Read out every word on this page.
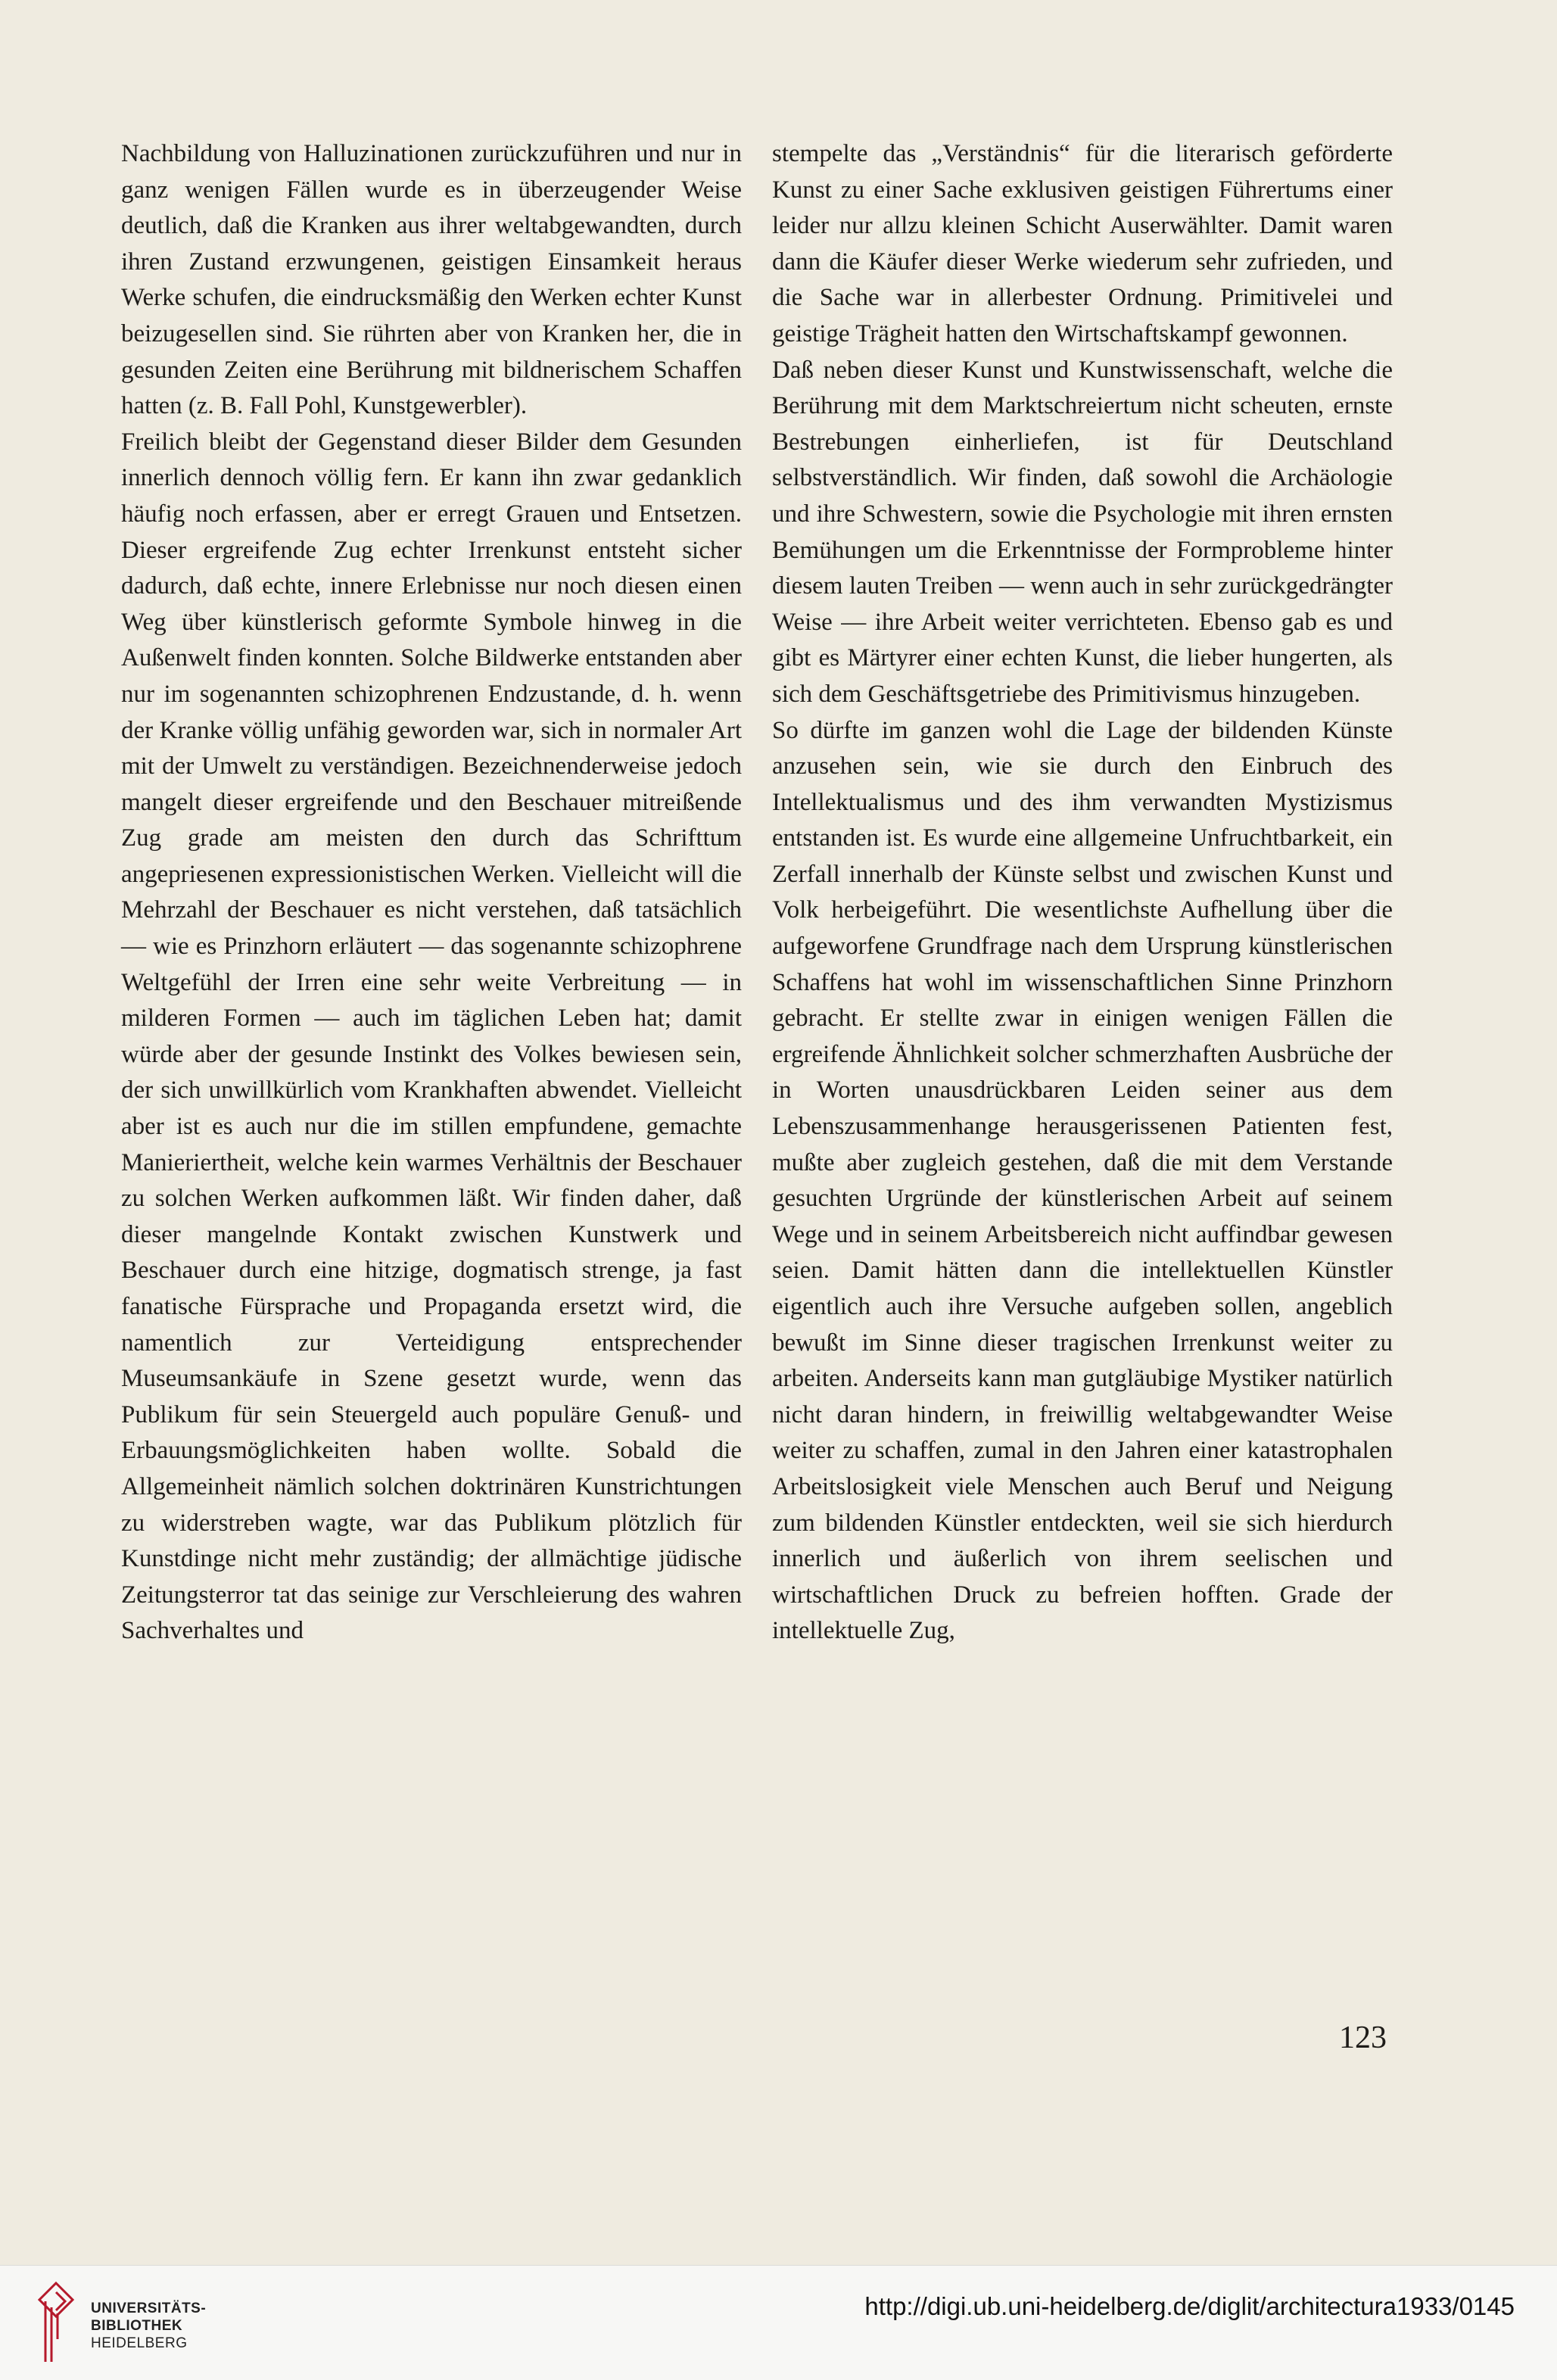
Nachbildung von Halluzinationen zurückzuführen und nur in ganz wenigen Fällen wurde es in überzeugender Weise deutlich, daß die Kranken aus ihrer weltabgewandten, durch ihren Zustand erzwungenen, geistigen Einsamkeit heraus Werke schufen, die eindrucksmäßig den Werken echter Kunst beizugesellen sind. Sie rührten aber von Kranken her, die in gesunden Zeiten eine Berührung mit bildnerischem Schaffen hatten (z. B. Fall Pohl, Kunstgewerbler).

Freilich bleibt der Gegenstand dieser Bilder dem Gesunden innerlich dennoch völlig fern. Er kann ihn zwar gedanklich häufig noch erfassen, aber er erregt Grauen und Entsetzen. Dieser ergreifende Zug echter Irrenkunst entsteht sicher dadurch, daß echte, innere Erlebnisse nur noch diesen einen Weg über künstlerisch geformte Symbole hinweg in die Außenwelt finden konnten. Solche Bildwerke entstanden aber nur im sogenannten schizophrenen Endzustande, d. h. wenn der Kranke völlig unfähig geworden war, sich in normaler Art mit der Umwelt zu verständigen. Bezeichnenderweise jedoch mangelt dieser ergreifende und den Beschauer mitreißende Zug grade am meisten den durch das Schrifttum angepriesenen expressionistischen Werken. Vielleicht will die Mehrzahl der Beschauer es nicht verstehen, daß tatsächlich — wie es Prinzhorn erläutert — das sogenannte schizophrene Weltgefühl der Irren eine sehr weite Verbreitung — in milderen Formen — auch im täglichen Leben hat; damit würde aber der gesunde Instinkt des Volkes bewiesen sein, der sich unwillkürlich vom Krankhaften abwendet. Vielleicht aber ist es auch nur die im stillen empfundene, gemachte Manieriertheit, welche kein warmes Verhältnis der Beschauer zu solchen Werken aufkommen läßt. Wir finden daher, daß dieser mangelnde Kontakt zwischen Kunstwerk und Beschauer durch eine hitzige, dogmatisch strenge, ja fast fanatische Fürsprache und Propaganda ersetzt wird, die namentlich zur Verteidigung entsprechender Museumsankäufe in Szene gesetzt wurde, wenn das Publikum für sein Steuergeld auch populäre Genuß- und Erbauungsmöglichkeiten haben wollte. Sobald die Allgemeinheit nämlich solchen doktrinären Kunstrichtungen zu widerstreben wagte, war das Publikum plötzlich für Kunstdinge nicht mehr zuständig; der allmächtige jüdische Zeitungsterror tat das seinige zur Verschleierung des wahren Sachverhaltes und

stempelte das „Verständnis“ für die literarisch geförderte Kunst zu einer Sache exklusiven geistigen Führertums einer leider nur allzu kleinen Schicht Auserwählter. Damit waren dann die Käufer dieser Werke wiederum sehr zufrieden, und die Sache war in allerbester Ordnung. Primitivelei und geistige Trägheit hatten den Wirtschaftskampf gewonnen.

Daß neben dieser Kunst und Kunstwissenschaft, welche die Berührung mit dem Marktschreiertum nicht scheuten, ernste Bestrebungen einherliefen, ist für Deutschland selbstverständlich. Wir finden, daß sowohl die Archäologie und ihre Schwestern, sowie die Psychologie mit ihren ernsten Bemühungen um die Erkenntnisse der Formprobleme hinter diesem lauten Treiben — wenn auch in sehr zurückgedrängter Weise — ihre Arbeit weiter verrichteten. Ebenso gab es und gibt es Märtyrer einer echten Kunst, die lieber hungerten, als sich dem Geschäftsgetriebe des Primitivismus hinzugeben.

So dürfte im ganzen wohl die Lage der bildenden Künste anzusehen sein, wie sie durch den Einbruch des Intellektualismus und des ihm verwandten Mystizismus entstanden ist. Es wurde eine allgemeine Unfruchtbarkeit, ein Zerfall innerhalb der Künste selbst und zwischen Kunst und Volk herbeigeführt. Die wesentlichste Aufhellung über die aufgeworfene Grundfrage nach dem Ursprung künstlerischen Schaffens hat wohl im wissenschaftlichen Sinne Prinzhorn gebracht. Er stellte zwar in einigen wenigen Fällen die ergreifende Ähnlichkeit solcher schmerzhaften Ausbrüche der in Worten unausdrückbaren Leiden seiner aus dem Lebenszusammenhange herausgerissenen Patienten fest, mußte aber zugleich gestehen, daß die mit dem Verstande gesuchten Urgründe der künstlerischen Arbeit auf seinem Wege und in seinem Arbeitsbereich nicht auffindbar gewesen seien. Damit hätten dann die intellektuellen Künstler eigentlich auch ihre Versuche aufgeben sollen, angeblich bewußt im Sinne dieser tragischen Irrenkunst weiter zu arbeiten. Anderseits kann man gutgläubige Mystiker natürlich nicht daran hindern, in freiwillig weltabgewandter Weise weiter zu schaffen, zumal in den Jahren einer katastrophalen Arbeitslosigkeit viele Menschen auch Beruf und Neigung zum bildenden Künstler entdeckten, weil sie sich hierdurch innerlich und äußerlich von ihrem seelischen und wirtschaftlichen Druck zu befreien hofften. Grade der intellektuelle Zug,

123
UNIVERSITÄTS-
BIBLIOTHEK
HEIDELBERG
http://digi.ub.uni-heidelberg.de/diglit/architectura1933/0145
